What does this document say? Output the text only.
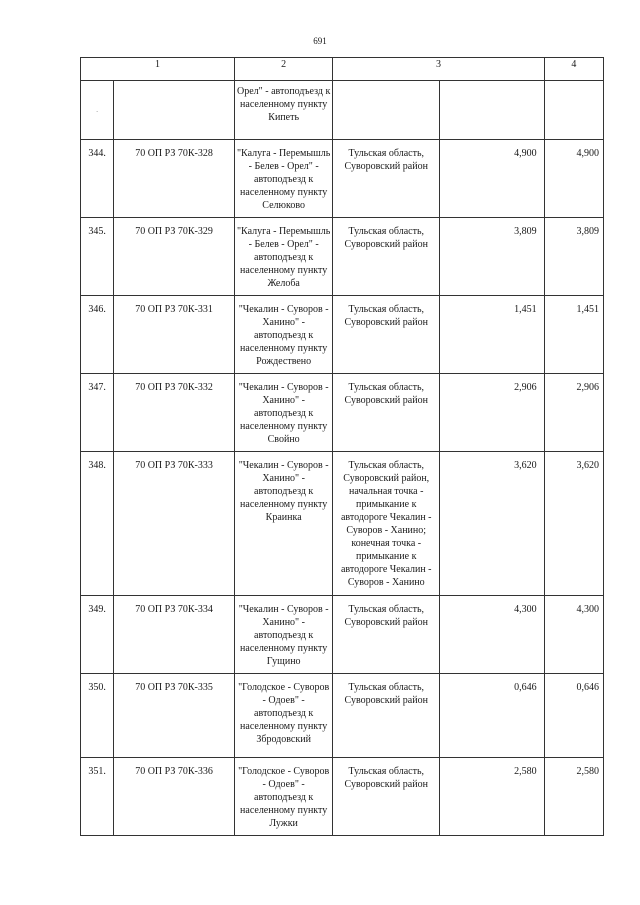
691
1		2	3		4

.		Орел" - автоподъезд к населенному пункту Кипеть			

344.	70 ОП РЗ 70К-328	"Калуга - Перемышль - Белев - Орел" - автоподъезд к населенному пункту Селюково	Тульская область, Суворовский район	4,900	4,900

345.	70 ОП РЗ 70К-329	"Калуга - Перемышль - Белев - Орел" - автоподъезд к населенному пункту Желоба	Тульская область, Суворовский район	3,809	3,809

346.	70 ОП РЗ 70К-331	"Чекалин - Суворов - Ханино" - автоподъезд к населенному пункту Рождествено	Тульская область, Суворовский район	1,451	1,451

347.	70 ОП РЗ 70К-332	"Чекалин - Суворов - Ханино" - автоподъезд к населенному пункту Свойно	Тульская область, Суворовский район	2,906	2,906

348.	70 ОП РЗ 70К-333	"Чекалин - Суворов - Ханино" - автоподъезд к населенному пункту Краинка	Тульская область, Суворовский район, начальная точка - примыкание к автодороге Чекалин - Суворов - Ханино; конечная точка - примыкание к автодороге Чекалин - Суворов - Ханино	3,620	3,620

349.	70 ОП РЗ 70К-334	"Чекалин - Суворов - Ханино" - автоподъезд к населенному пункту Гущино	Тульская область, Суворовский район	4,300	4,300

350.	70 ОП РЗ 70К-335	"Голодское - Суворов - Одоев" - автоподъезд к населенному пункту Збродовский	Тульская область, Суворовский район	0,646	0,646

351.	70 ОП РЗ 70К-336	"Голодское - Суворов - Одоев" - автоподъезд к населенному пункту Лужки	Тульская область, Суворовский район	2,580	2,580
